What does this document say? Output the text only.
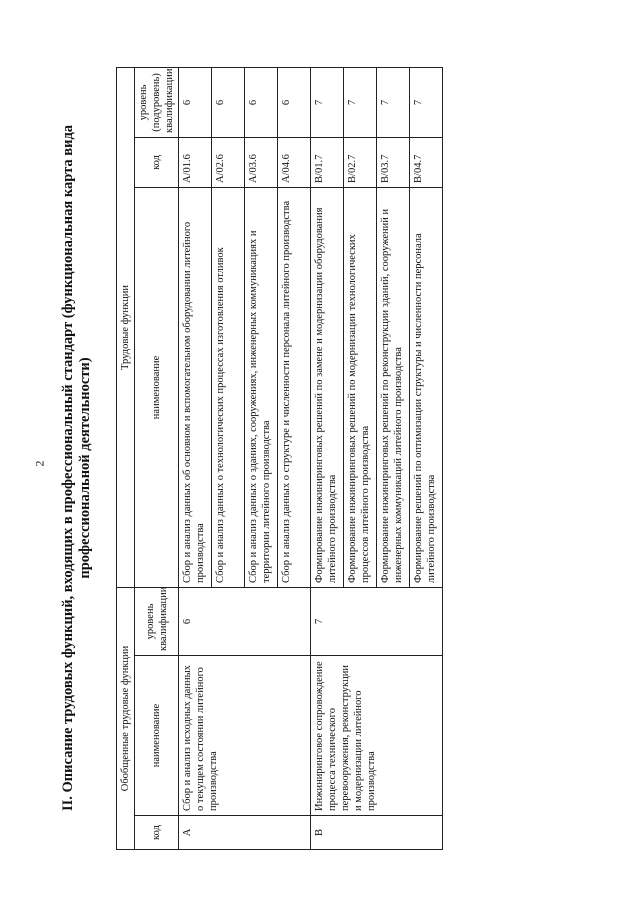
2 II. Описание трудовых функций, входящих в профессиональный стандарт (функциональная карта вида профессиональной деятельности)
Обобщенные трудовые функции			Трудовые функции		
код	наименование	уровень квалификации	наименование	код	уровень (подуровень) квалификации
А	Сбор и анализ исходных данных о текущем состоянии литейного производства	6	Сбор и анализ данных об основном и вспомогательном оборудовании литейного производства	A/01.6	6
			Сбор и анализ данных о технологических процессах изготовления отливок	A/02.6	6
			Сбор и анализ данных о зданиях, сооружениях, инженерных коммуникациях и территории литейного производства	A/03.6	6
			Сбор и анализ данных о структуре и численности персонала литейного производства	A/04.6	6
В	Инжиниринговое сопровождение процесса технического перевооружения, реконструкции и модернизации литейного производства	7	Формирование инжиниринговых решений по замене и модернизации оборудования литейного производства	B/01.7	7
			Формирование инжиниринговых решений по модернизации технологических процессов литейного производства	B/02.7	7
			Формирование инжиниринговых решений по реконструкции зданий, сооружений и инженерных коммуникаций литейного производства	B/03.7	7
			Формирование решений по оптимизации структуры и численности персонала литейного производства	B/04.7	7
